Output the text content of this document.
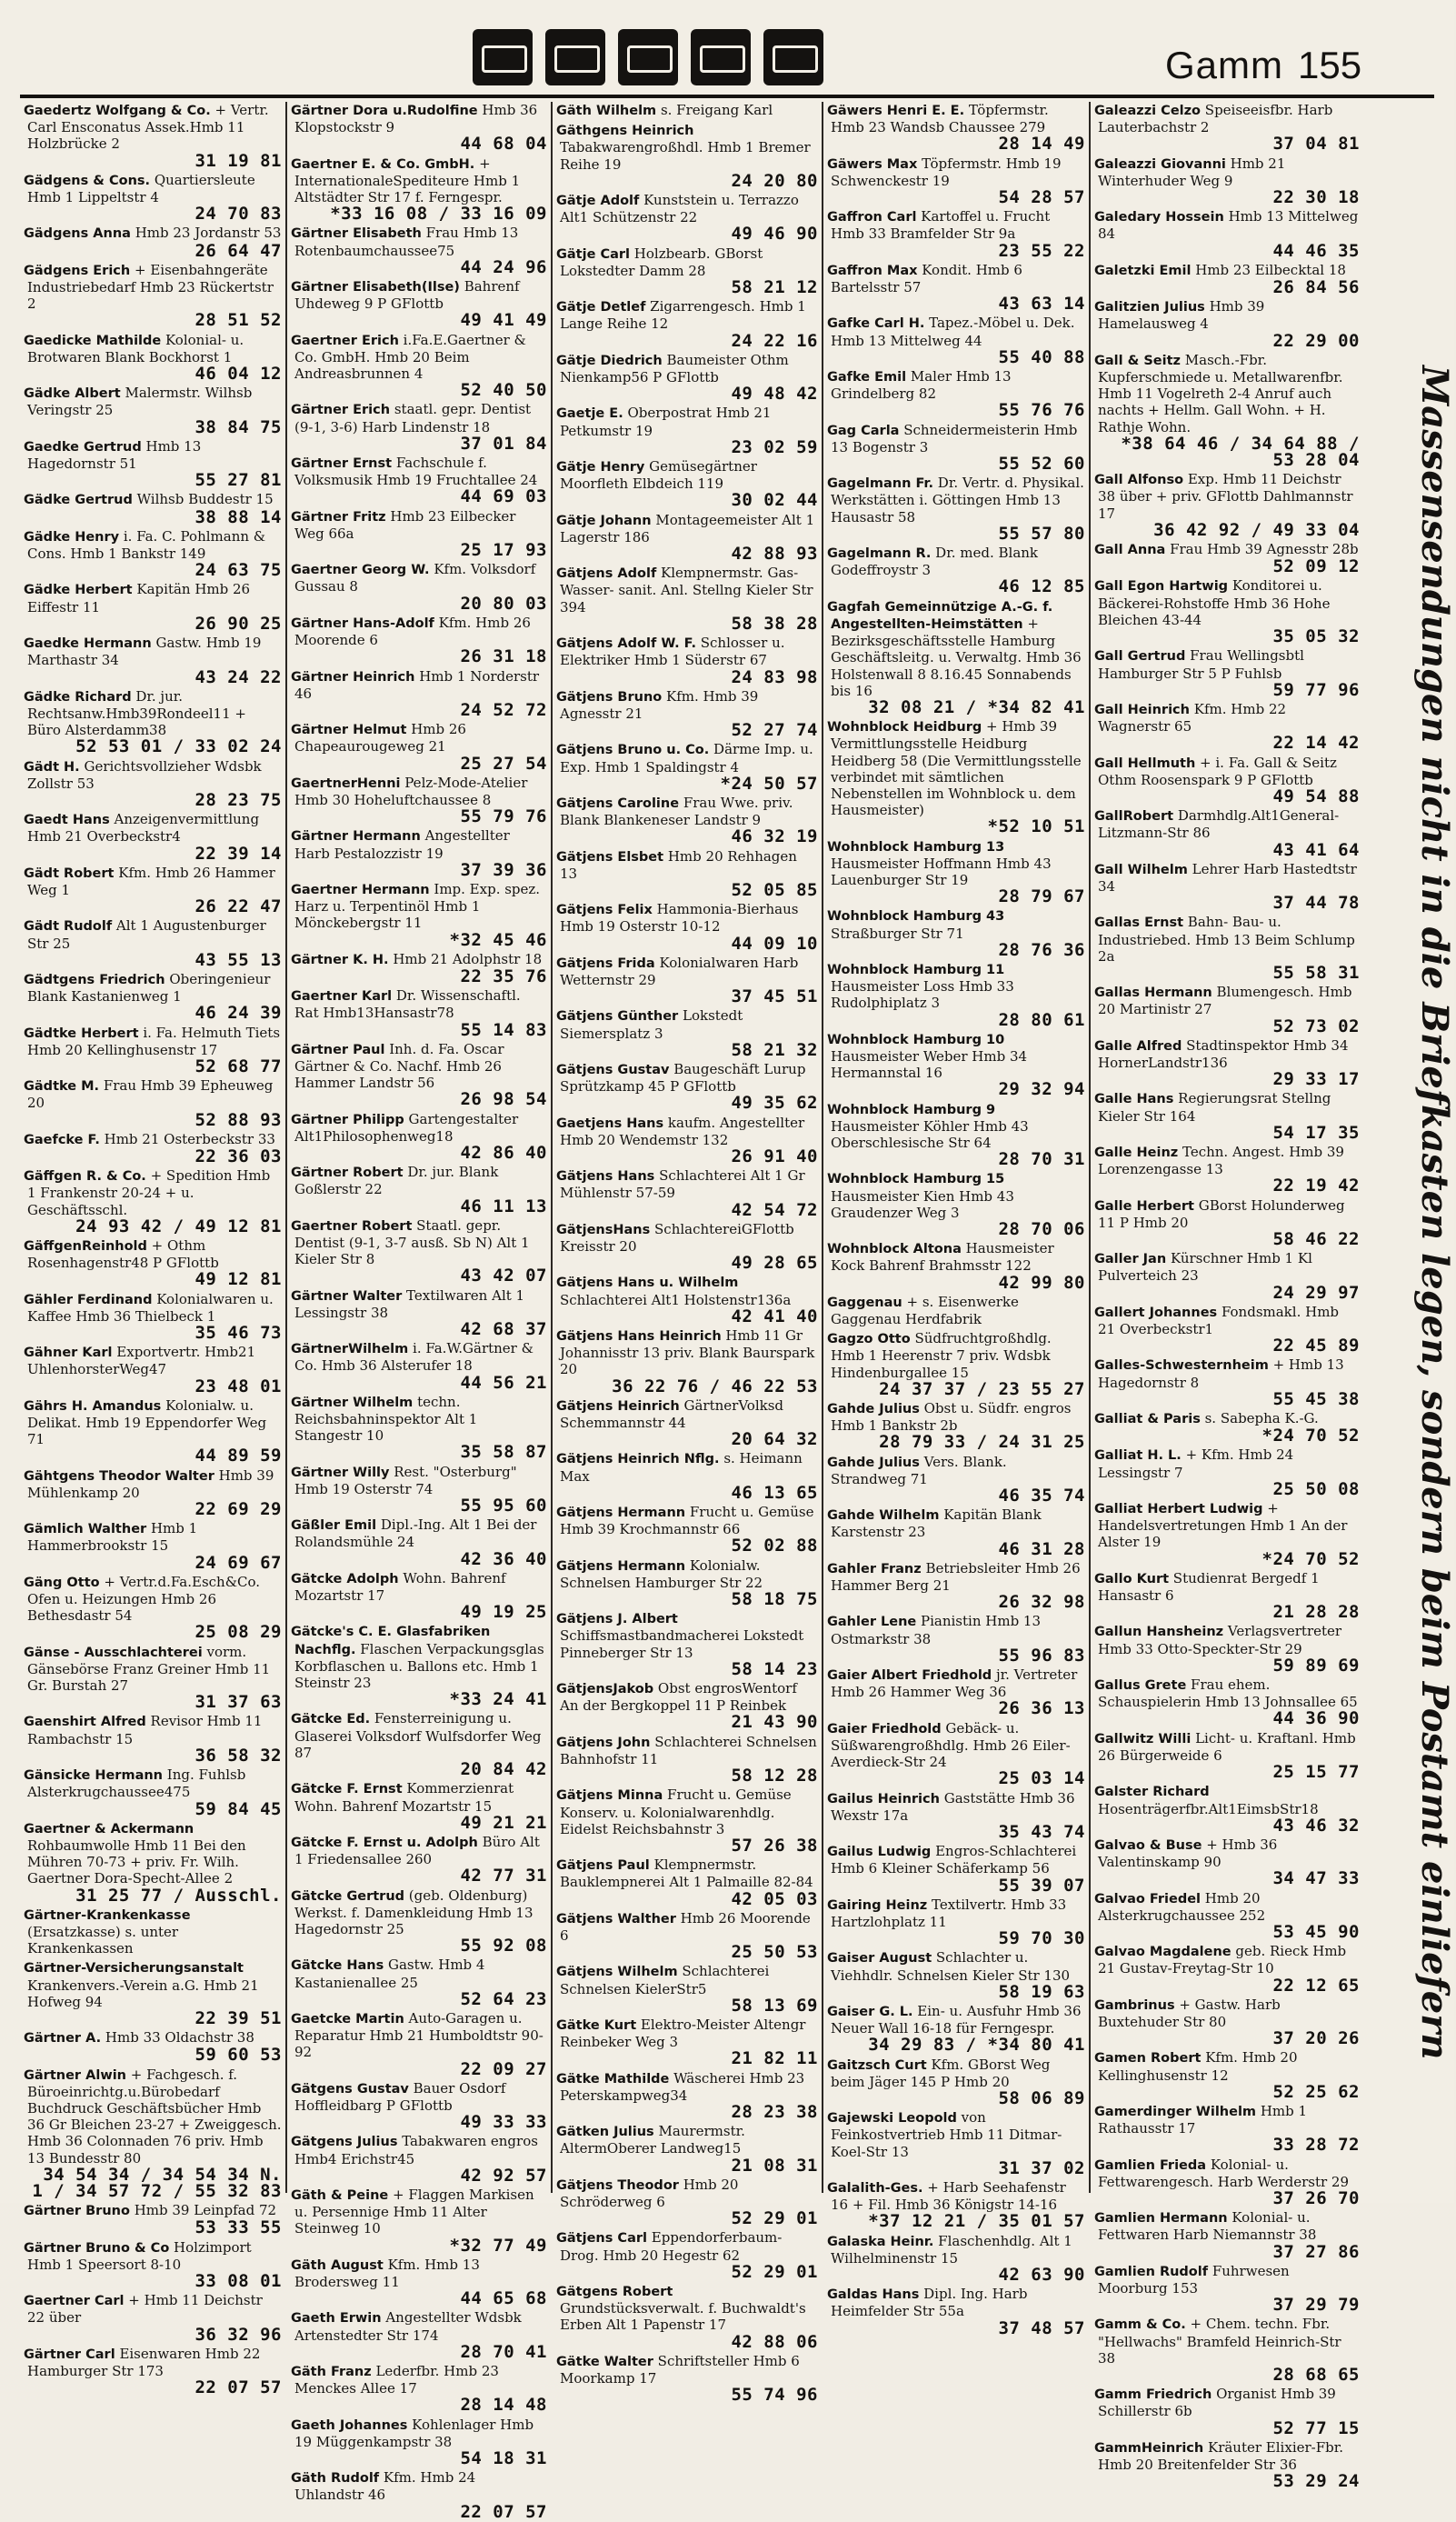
Gamm 155
Gaedertz Wolfgang & Co. + Vertr. Carl Ensconatus Assek.Hmb 11 Holzbrücke 2
31 19 81
Gädgens & Cons. Quartiersleute Hmb 1 Lippeltstr 4
24 70 83
Gädgens Anna Hmb 23 Jordanstr 53
26 64 47
Gädgens Erich + Eisenbahngeräte Industriebedarf Hmb 23 Rückertstr 2
28 51 52
Gaedicke Mathilde Kolonial- u. Brotwaren Blank Bockhorst 1
46 04 12
Gädke Albert Malermstr. Wilhsb Veringstr 25
38 84 75
Gaedke Gertrud Hmb 13 Hagedornstr 51
55 27 81
Gädke Gertrud Wilhsb Buddestr 15
38 88 14
Gädke Henry i. Fa. C. Pohlmann & Cons. Hmb 1 Bankstr 149
24 63 75
Gädke Herbert Kapitän Hmb 26 Eiffestr 11
26 90 25
Gaedke Hermann Gastw. Hmb 19 Marthastr 34
43 24 22
Gädke Richard Dr. jur. Rechtsanw.Hmb39Rondeel11 + Büro Alsterdamm38
52 53 01 / 33 02 24
Gädt H. Gerichtsvollzieher Wdsbk Zollstr 53
28 23 75
Gaedt Hans Anzeigenvermittlung Hmb 21 Overbeckstr4
22 39 14
Gädt Robert Kfm. Hmb 26 Hammer Weg 1
26 22 47
Gädt Rudolf Alt 1 Augustenburger Str 25
43 55 13
Gädtgens Friedrich Oberingenieur Blank Kastanienweg 1
46 24 39
Gädtke Herbert i. Fa. Helmuth Tiets Hmb 20 Kellinghusenstr 17
52 68 77
Gädtke M. Frau Hmb 39 Epheuweg 20
52 88 93
Gaefcke F. Hmb 21 Osterbeckstr 33
22 36 03
Gäffgen R. & Co. + Spedition Hmb 1 Frankenstr 20-24 + u. Geschäftsschl.
24 93 42 / 49 12 81
GäffgenReinhold + Othm Rosenhagenstr48 P GFlottb
49 12 81
Gähler Ferdinand Kolonialwaren u. Kaffee Hmb 36 Thielbeck 1
35 46 73
Gähner Karl Exportvertr. Hmb21 UhlenhorsterWeg47
23 48 01
Gährs H. Amandus Kolonialw. u. Delikat. Hmb 19 Eppendorfer Weg 71
44 89 59
Gähtgens Theodor Walter Hmb 39 Mühlenkamp 20
22 69 29
Gämlich Walther Hmb 1 Hammerbrookstr 15
24 69 67
Gäng Otto + Vertr.d.Fa.Esch&Co. Ofen u. Heizungen Hmb 26 Bethesdastr 54
25 08 29
Gänse - Ausschlachterei vorm. Gänsebörse Franz Greiner Hmb 11 Gr. Burstah 27
31 37 63
Gaenshirt Alfred Revisor Hmb 11 Rambachstr 15
36 58 32
Gänsicke Hermann Ing. Fuhlsb Alsterkrugchaussee475
59 84 45
Gaertner & Ackermann Rohbaumwolle Hmb 11 Bei den Mühren 70-73 + priv. Fr. Wilh. Gaertner Dora-Specht-Allee 2
31 25 77 / Ausschl.
Gärtner-Krankenkasse (Ersatzkasse) s. unter Krankenkassen
Gärtner-Versicherungsanstalt Krankenvers.-Verein a.G. Hmb 21 Hofweg 94
22 39 51
Gärtner A. Hmb 33 Oldachstr 38
59 60 53
Gärtner Alwin + Fachgesch. f. Büroeinrichtg.u.Bürobedarf Buchdruck Geschäftsbücher Hmb 36 Gr Bleichen 23-27 + Zweiggesch. Hmb 36 Colonnaden 76 priv. Hmb 13 Bundesstr 80
34 54 34 / 34 54 34 N. 1 / 34 57 72 / 55 32 83
Gärtner Bruno Hmb 39 Leinpfad 72
53 33 55
Gärtner Bruno & Co Holzimport Hmb 1 Speersort 8-10
33 08 01
Gaertner Carl + Hmb 11 Deichstr 22 über
36 32 96
Gärtner Carl Eisenwaren Hmb 22 Hamburger Str 173
22 07 57
Gärtner Dora u.Rudolfine Hmb 36 Klopstockstr 9
44 68 04
Gaertner E. & Co. GmbH. + InternationaleSpediteure Hmb 1 Altstädter Str 17 f. Ferngespr.
*33 16 08 / 33 16 09
Gärtner Elisabeth Frau Hmb 13 Rotenbaumchaussee75
44 24 96
Gärtner Elisabeth(Ilse) Bahrenf Uhdeweg 9 P GFlottb
49 41 49
Gaertner Erich i.Fa.E.Gaertner & Co. GmbH. Hmb 20 Beim Andreasbrunnen 4
52 40 50
Gärtner Erich staatl. gepr. Dentist (9-1, 3-6) Harb Lindenstr 18
37 01 84
Gärtner Ernst Fachschule f. Volksmusik Hmb 19 Fruchtallee 24
44 69 03
Gärtner Fritz Hmb 23 Eilbecker Weg 66a
25 17 93
Gaertner Georg W. Kfm. Volksdorf Gussau 8
20 80 03
Gärtner Hans-Adolf Kfm. Hmb 26 Moorende 6
26 31 18
Gärtner Heinrich Hmb 1 Norderstr 46
24 52 72
Gärtner Helmut Hmb 26 Chapeaurougeweg 21
25 27 54
GaertnerHenni Pelz-Mode-Atelier Hmb 30 Hoheluftchaussee 8
55 79 76
Gärtner Hermann Angestellter Harb Pestalozzistr 19
37 39 36
Gaertner Hermann Imp. Exp. spez. Harz u. Terpentinöl Hmb 1 Mönckebergstr 11
*32 45 46
Gärtner K. H. Hmb 21 Adolphstr 18
22 35 76
Gaertner Karl Dr. Wissenschaftl. Rat Hmb13Hansastr78
55 14 83
Gärtner Paul Inh. d. Fa. Oscar Gärtner & Co. Nachf. Hmb 26 Hammer Landstr 56
26 98 54
Gärtner Philipp Gartengestalter Alt1Philosophenweg18
42 86 40
Gärtner Robert Dr. jur. Blank Goßlerstr 22
46 11 13
Gaertner Robert Staatl. gepr. Dentist (9-1, 3-7 ausß. Sb N) Alt 1 Kieler Str 8
43 42 07
Gärtner Walter Textilwaren Alt 1 Lessingstr 38
42 68 37
GärtnerWilhelm i. Fa.W.Gärtner & Co. Hmb 36 Alsterufer 18
44 56 21
Gärtner Wilhelm techn. Reichsbahninspektor Alt 1 Stangestr 10
35 58 87
Gärtner Willy Rest. "Osterburg" Hmb 19 Osterstr 74
55 95 60
Gäßler Emil Dipl.-Ing. Alt 1 Bei der Rolandsmühle 24
42 36 40
Gätcke Adolph Wohn. Bahrenf Mozartstr 17
49 19 25
Gätcke's C. E. Glasfabriken Nachflg. Flaschen Verpackungsglas Korbflaschen u. Ballons etc. Hmb 1 Steinstr 23
*33 24 41
Gätcke Ed. Fensterreinigung u. Glaserei Volksdorf Wulfsdorfer Weg 87
20 84 42
Gätcke F. Ernst Kommerzienrat Wohn. Bahrenf Mozartstr 15
49 21 21
Gätcke F. Ernst u. Adolph Büro Alt 1 Friedensallee 260
42 77 31
Gätcke Gertrud (geb. Oldenburg) Werkst. f. Damenkleidung Hmb 13 Hagedornstr 25
55 92 08
Gätcke Hans Gastw. Hmb 4 Kastanienallee 25
52 64 23
Gaetcke Martin Auto-Garagen u. Reparatur Hmb 21 Humboldtstr 90-92
22 09 27
Gätgens Gustav Bauer Osdorf Hoffleidbarg P GFlottb
49 33 33
Gätgens Julius Tabakwaren engros Hmb4 Erichstr45
42 92 57
Gäth & Peine + Flaggen Markisen u. Persennige Hmb 11 Alter Steinweg 10
*32 77 49
Gäth August Kfm. Hmb 13 Brodersweg 11
44 65 68
Gaeth Erwin Angestellter Wdsbk Artenstedter Str 174
28 70 41
Gäth Franz Lederfbr. Hmb 23 Menckes Allee 17
28 14 48
Gaeth Johannes Kohlenlager Hmb 19 Müggenkampstr 38
54 18 31
Gäth Rudolf Kfm. Hmb 24 Uhlandstr 46
22 07 57
Gäth Wilhelm s. Freigang Karl
Gäthgens Heinrich Tabakwarengroßhdl. Hmb 1 Bremer Reihe 19
24 20 80
Gätje Adolf Kunststein u. Terrazzo Alt1 Schützenstr 22
49 46 90
Gätje Carl Holzbearb. GBorst Lokstedter Damm 28
58 21 12
Gätje Detlef Zigarrengesch. Hmb 1 Lange Reihe 12
24 22 16
Gätje Diedrich Baumeister Othm Nienkamp56 P GFlottb
49 48 42
Gaetje E. Oberpostrat Hmb 21 Petkumstr 19
23 02 59
Gätje Henry Gemüsegärtner Moorfleth Elbdeich 119
30 02 44
Gätje Johann Montageemeister Alt 1 Lagerstr 186
42 88 93
Gätjens Adolf Klempnermstr. Gas- Wasser- sanit. Anl. Stellng Kieler Str 394
58 38 28
Gätjens Adolf W. F. Schlosser u. Elektriker Hmb 1 Süderstr 67
24 83 98
Gätjens Bruno Kfm. Hmb 39 Agnesstr 21
52 27 74
Gätjens Bruno u. Co. Därme Imp. u. Exp. Hmb 1 Spaldingstr 4
*24 50 57
Gätjens Caroline Frau Wwe. priv. Blank Blankeneser Landstr 9
46 32 19
Gätjens Elsbet Hmb 20 Rehhagen 13
52 05 85
Gätjens Felix Hammonia-Bierhaus Hmb 19 Osterstr 10-12
44 09 10
Gätjens Frida Kolonialwaren Harb Wetternstr 29
37 45 51
Gätjens Günther Lokstedt Siemersplatz 3
58 21 32
Gätjens Gustav Baugeschäft Lurup Sprützkamp 45 P GFlottb
49 35 62
Gaetjens Hans kaufm. Angestellter Hmb 20 Wendemstr 132
26 91 40
Gätjens Hans Schlachterei Alt 1 Gr Mühlenstr 57-59
42 54 72
GätjensHans SchlachtereiGFlottb Kreisstr 20
49 28 65
Gätjens Hans u. Wilhelm Schlachterei Alt1 Holstenstr136a
42 41 40
Gätjens Hans Heinrich Hmb 11 Gr Johannisstr 13 priv. Blank Baurspark 20
36 22 76 / 46 22 53
Gätjens Heinrich GärtnerVolksd Schemmannstr 44
20 64 32
Gätjens Heinrich Nflg. s. Heimann Max
46 13 65
Gätjens Hermann Frucht u. Gemüse Hmb 39 Krochmannstr 66
52 02 88
Gätjens Hermann Kolonialw. Schnelsen Hamburger Str 22
58 18 75
Gätjens J. Albert Schiffsmastbandmacherei Lokstedt Pinneberger Str 13
58 14 23
GätjensJakob Obst engrosWentorf An der Bergkoppel 11 P Reinbek
21 43 90
Gätjens John Schlachterei Schnelsen Bahnhofstr 11
58 12 28
Gätjens Minna Frucht u. Gemüse Konserv. u. Kolonialwarenhdlg. Eidelst Reichsbahnstr 3
57 26 38
Gätjens Paul Klempnermstr. Bauklempnerei Alt 1 Palmaille 82-84
42 05 03
Gätjens Walther Hmb 26 Moorende 6
25 50 53
Gätjens Wilhelm Schlachterei Schnelsen KielerStr5
58 13 69
Gätke Kurt Elektro-Meister Altengr Reinbeker Weg 3
21 82 11
Gätke Mathilde Wäscherei Hmb 23 Peterskampweg34
28 23 38
Gätken Julius Maurermstr. AltermOberer Landweg15
21 08 31
Gätjens Theodor Hmb 20 Schröderweg 6
52 29 01
Gätjens Carl Eppendorferbaum-Drog. Hmb 20 Hegestr 62
52 29 01
Gätgens Robert Grundstücksverwalt. f. Buchwaldt's Erben Alt 1 Papenstr 17
42 88 06
Gätke Walter Schriftsteller Hmb 6 Moorkamp 17
55 74 96
Gäwers Henri E. E. Töpfermstr. Hmb 23 Wandsb Chaussee 279
28 14 49
Gäwers Max Töpfermstr. Hmb 19 Schwenckestr 19
54 28 57
Gaffron Carl Kartoffel u. Frucht Hmb 33 Bramfelder Str 9a
23 55 22
Gaffron Max Kondit. Hmb 6 Bartelsstr 57
43 63 14
Gafke Carl H. Tapez.-Möbel u. Dek. Hmb 13 Mittelweg 44
55 40 88
Gafke Emil Maler Hmb 13 Grindelberg 82
55 76 76
Gag Carla Schneidermeisterin Hmb 13 Bogenstr 3
55 52 60
Gagelmann Fr. Dr. Vertr. d. Physikal. Werkstätten i. Göttingen Hmb 13 Hausastr 58
55 57 80
Gagelmann R. Dr. med. Blank Godeffroystr 3
46 12 85
Gagfah Gemeinnützige A.-G. f. Angestellten-Heimstätten + Bezirksgeschäftsstelle Hamburg Geschäftsleitg. u. Verwaltg. Hmb 36 Holstenwall 8 8.16.45 Sonnabends bis 16
32 08 21 / *34 82 41
Wohnblock Heidburg + Hmb 39 Vermittlungsstelle Heidburg Heidberg 58 (Die Vermittlungsstelle verbindet mit sämtlichen Nebenstellen im Wohnblock u. dem Hausmeister)
*52 10 51
Wohnblock Hamburg 13 Hausmeister Hoffmann Hmb 43 Lauenburger Str 19
28 79 67
Wohnblock Hamburg 43 Straßburger Str 71
28 76 36
Wohnblock Hamburg 11 Hausmeister Loss Hmb 33 Rudolphiplatz 3
28 80 61
Wohnblock Hamburg 10 Hausmeister Weber Hmb 34 Hermannstal 16
29 32 94
Wohnblock Hamburg 9 Hausmeister Köhler Hmb 43 Oberschlesische Str 64
28 70 31
Wohnblock Hamburg 15 Hausmeister Kien Hmb 43 Graudenzer Weg 3
28 70 06
Wohnblock Altona Hausmeister Kock Bahrenf Brahmsstr 122
42 99 80
Gaggenau + s. Eisenwerke Gaggenau Herdfabrik
Gagzo Otto Südfruchtgroßhdlg. Hmb 1 Heerenstr 7 priv. Wdsbk Hindenburgallee 15
24 37 37 / 23 55 27
Gahde Julius Obst u. Südfr. engros Hmb 1 Bankstr 2b
28 79 33 / 24 31 25
Gahde Julius Vers. Blank. Strandweg 71
46 35 74
Gahde Wilhelm Kapitän Blank Karstenstr 23
46 31 28
Gahler Franz Betriebsleiter Hmb 26 Hammer Berg 21
26 32 98
Gahler Lene Pianistin Hmb 13 Ostmarkstr 38
55 96 83
Gaier Albert Friedhold jr. Vertreter Hmb 26 Hammer Weg 36
26 36 13
Gaier Friedhold Gebäck- u. Süßwarengroßhdlg. Hmb 26 Eiler-Averdieck-Str 24
25 03 14
Gailus Heinrich Gaststätte Hmb 36 Wexstr 17a
35 43 74
Gailus Ludwig Engros-Schlachterei Hmb 6 Kleiner Schäferkamp 56
55 39 07
Gairing Heinz Textilvertr. Hmb 33 Hartzlohplatz 11
59 70 30
Gaiser August Schlachter u. Viehhdlr. Schnelsen Kieler Str 130
58 19 63
Gaiser G. L. Ein- u. Ausfuhr Hmb 36 Neuer Wall 16-18 für Ferngespr.
34 29 83 / *34 80 41
Gaitzsch Curt Kfm. GBorst Weg beim Jäger 145 P Hmb 20
58 06 89
Gajewski Leopold von Feinkostvertrieb Hmb 11 Ditmar-Koel-Str 13
31 37 02
Galalith-Ges. + Harb Seehafenstr 16 + Fil. Hmb 36 Königstr 14-16
*37 12 21 / 35 01 57
Galaska Heinr. Flaschenhdlg. Alt 1 Wilhelminenstr 15
42 63 90
Galdas Hans Dipl. Ing. Harb Heimfelder Str 55a
37 48 57
Galeazzi Celzo Speiseeisfbr. Harb Lauterbachstr 2
37 04 81
Galeazzi Giovanni Hmb 21 Winterhuder Weg 9
22 30 18
Galedary Hossein Hmb 13 Mittelweg 84
44 46 35
Galetzki Emil Hmb 23 Eilbecktal 18
26 84 56
Galitzien Julius Hmb 39 Hamelausweg 4
22 29 00
Gall & Seitz Masch.-Fbr. Kupferschmiede u. Metallwarenfbr. Hmb 11 Vogelreth 2-4 Anruf auch nachts + Hellm. Gall Wohn. + H. Rathje Wohn.
*38 64 46 / 34 64 88 / 53 28 04
Gall Alfonso Exp. Hmb 11 Deichstr 38 über + priv. GFlottb Dahlmannstr 17
36 42 92 / 49 33 04
Gall Anna Frau Hmb 39 Agnesstr 28b
52 09 12
Gall Egon Hartwig Konditorei u. Bäckerei-Rohstoffe Hmb 36 Hohe Bleichen 43-44
35 05 32
Gall Gertrud Frau Wellingsbtl Hamburger Str 5 P Fuhlsb
59 77 96
Gall Heinrich Kfm. Hmb 22 Wagnerstr 65
22 14 42
Gall Hellmuth + i. Fa. Gall & Seitz Othm Roosenspark 9 P GFlottb
49 54 88
GallRobert Darmhdlg.Alt1General-Litzmann-Str 86
43 41 64
Gall Wilhelm Lehrer Harb Hastedtstr 34
37 44 78
Gallas Ernst Bahn- Bau- u. Industriebed. Hmb 13 Beim Schlump 2a
55 58 31
Gallas Hermann Blumengesch. Hmb 20 Martinistr 27
52 73 02
Galle Alfred Stadtinspektor Hmb 34 HornerLandstr136
29 33 17
Galle Hans Regierungsrat Stellng Kieler Str 164
54 17 35
Galle Heinz Techn. Angest. Hmb 39 Lorenzengasse 13
22 19 42
Galle Herbert GBorst Holunderweg 11 P Hmb 20
58 46 22
Galler Jan Kürschner Hmb 1 Kl Pulverteich 23
24 29 97
Gallert Johannes Fondsmakl. Hmb 21 Overbeckstr1
22 45 89
Galles-Schwesternheim + Hmb 13 Hagedornstr 8
55 45 38
Galliat & Paris s. Sabepha K.-G.
*24 70 52
Galliat H. L. + Kfm. Hmb 24 Lessingstr 7
25 50 08
Galliat Herbert Ludwig + Handelsvertretungen Hmb 1 An der Alster 19
*24 70 52
Gallo Kurt Studienrat Bergedf 1 Hansastr 6
21 28 28
Gallun Hansheinz Verlagsvertreter Hmb 33 Otto-Speckter-Str 29
59 89 69
Gallus Grete Frau ehem. Schauspielerin Hmb 13 Johnsallee 65
44 36 90
Gallwitz Willi Licht- u. Kraftanl. Hmb 26 Bürgerweide 6
25 15 77
Galster Richard Hosenträgerfbr.Alt1EimsbStr18
43 46 32
Galvao & Buse + Hmb 36 Valentinskamp 90
34 47 33
Galvao Friedel Hmb 20 Alsterkrugchaussee 252
53 45 90
Galvao Magdalene geb. Rieck Hmb 21 Gustav-Freytag-Str 10
22 12 65
Gambrinus + Gastw. Harb Buxtehuder Str 80
37 20 26
Gamen Robert Kfm. Hmb 20 Kellinghusenstr 12
52 25 62
Gamerdinger Wilhelm Hmb 1 Rathausstr 17
33 28 72
Gamlien Frieda Kolonial- u. Fettwarengesch. Harb Werderstr 29
37 26 70
Gamlien Hermann Kolonial- u. Fettwaren Harb Niemannstr 38
37 27 86
Gamlien Rudolf Fuhrwesen Moorburg 153
37 29 79
Gamm & Co. + Chem. techn. Fbr. "Hellwachs" Bramfeld Heinrich-Str 38
28 68 65
Gamm Friedrich Organist Hmb 39 Schillerstr 6b
52 77 15
GammHeinrich Kräuter Elixier-Fbr. Hmb 20 Breitenfelder Str 36
53 29 24
Massensendungen nicht in die Briefkasten legen, sondern beim Postamt einliefern
